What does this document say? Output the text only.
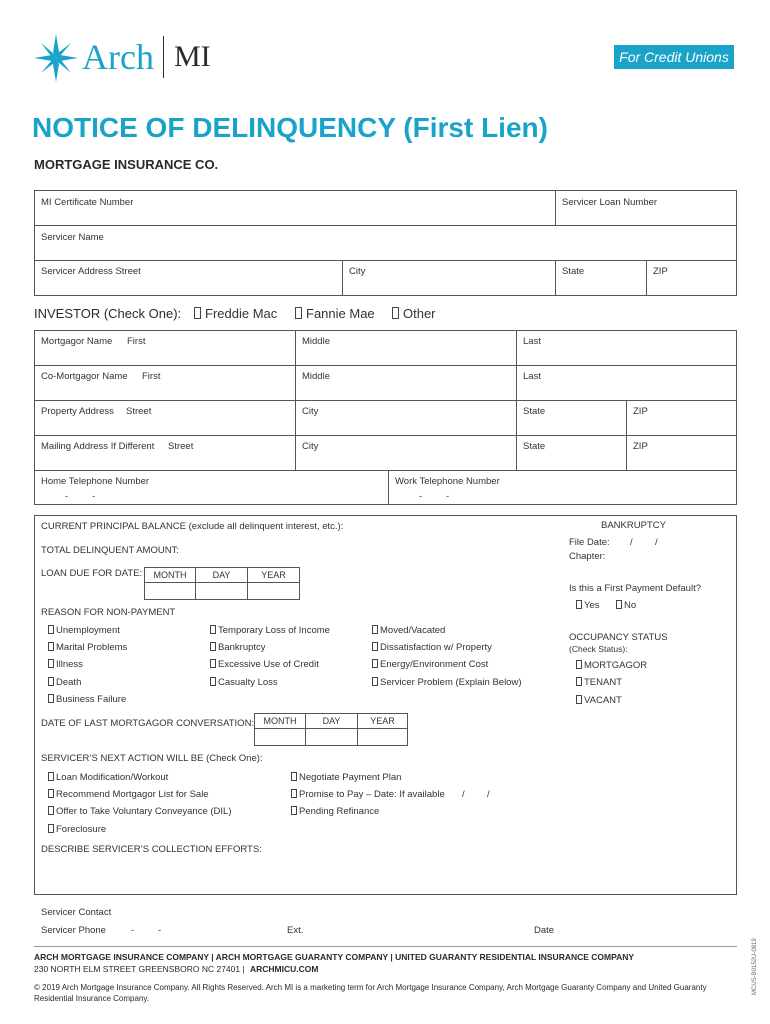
Arch MI	For Credit Unions
NOTICE OF DELINQUENCY (First Lien)
MORTGAGE INSURANCE CO.
MI Certificate Number	Servicer Loan Number
Servicer Name
Servicer Address Street	City	State	ZIP
INVESTOR (Check One):	Freddie Mac	Fannie Mae	Other
Mortgagor Name First	Middle	Last
Co-Mortgagor Name First	Middle	Last
Property Address Street	City	State	ZIP
Mailing Address If Different Street	City	State	ZIP
Home Telephone Number
-	-
Work Telephone Number
-	-
CURRENT PRINCIPAL BALANCE (exclude all delinquent interest, etc.):
TOTAL DELINQUENT AMOUNT:
LOAN DUE FOR DATE:	MONTH	DAY	YEAR
REASON FOR NON-PAYMENT
Unemployment
Marital Problems
Illness
Death
Business Failure
Temporary Loss of Income
Bankruptcy
Excessive Use of Credit
Casualty Loss
Moved/Vacated
Dissatisfaction w/ Property
Energy/Environment Cost
Servicer Problem (Explain Below)
DATE OF LAST MORTGAGOR CONVERSATION:	MONTH	DAY	YEAR
SERVICER’S NEXT ACTION WILL BE (Check One):
Loan Modification/Workout
Recommend Mortgagor List for Sale
Offer to Take Voluntary Conveyance (DIL)
Foreclosure
Negotiate Payment Plan
Promise to Pay – Date: If available / /
Pending Refinance
DESCRIBE SERVICER’S COLLECTION EFFORTS:
BANKRUPTCY
File Date: / /
Chapter:
Is this a First Payment Default?
Yes	No
OCCUPANCY STATUS
(Check Status):
MORTGAGOR
TENANT
VACANT
Servicer Contact
Servicer Phone	-	-	Ext.	Date
ARCH MORTGAGE INSURANCE COMPANY | ARCH MORTGAGE GUARANTY COMPANY | UNITED GUARANTY RESIDENTIAL INSURANCE COMPANY
230 NORTH ELM STREET GREENSBORO NC 27401 | ARCHMICU.COM
© 2019 Arch Mortgage Insurance Company. All Rights Reserved. Arch MI is a marketing term for Arch Mortgage Insurance Company, Arch Mortgage Guaranty Company and United Guaranty Residential Insurance Company.
MCUS-B0152U-0819
